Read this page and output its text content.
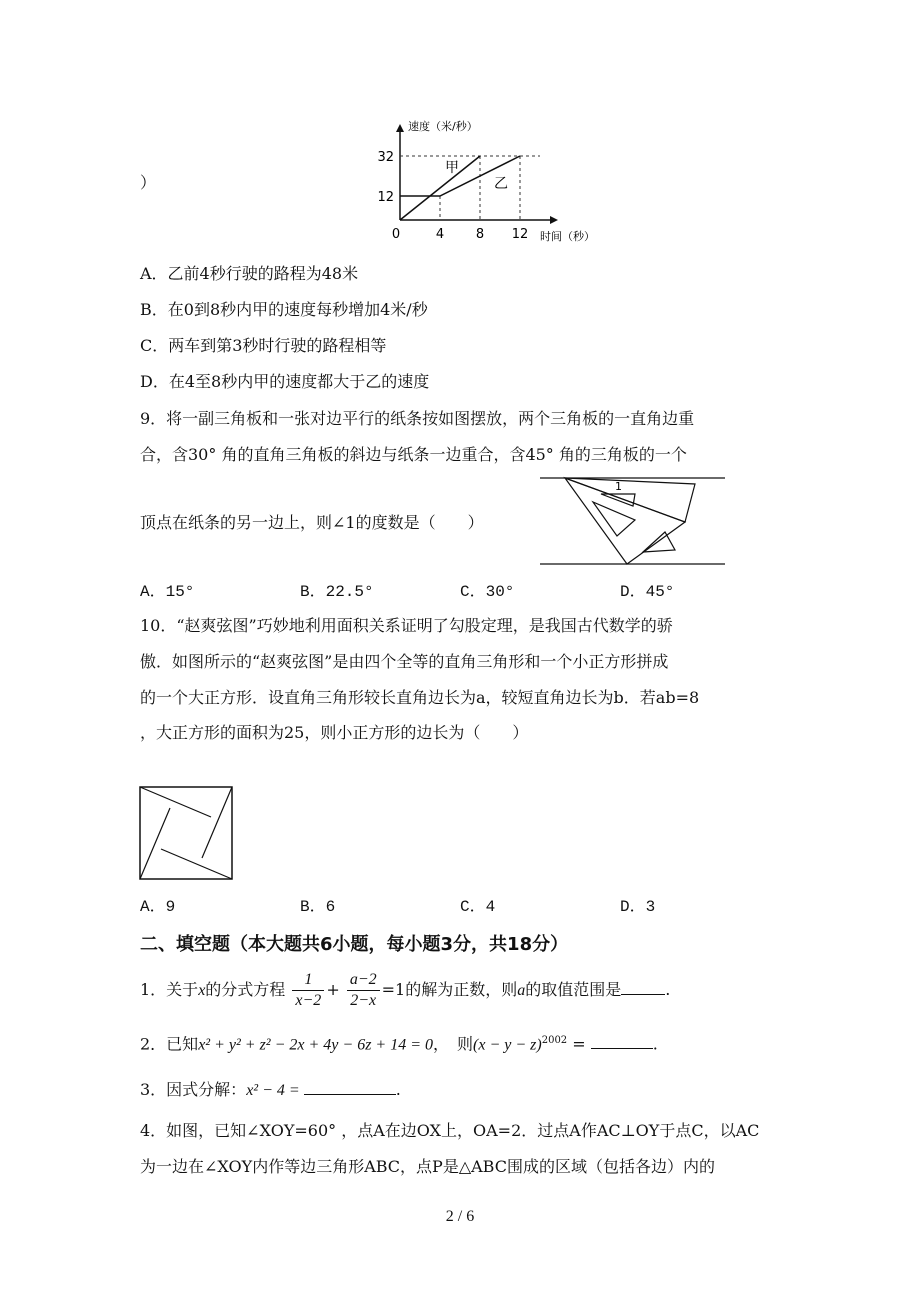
）
32
12
0	4 8 12
速度（米/秒）
时间（秒）
甲
乙
A．乙前4秒行驶的路程为48米
B．在0到8秒内甲的速度每秒增加4米/秒
C．两车到第3秒时行驶的路程相等
D．在4至8秒内甲的速度都大于乙的速度
9．将一副三角板和一张对边平行的纸条按如图摆放，两个三角板的一直角边重
合，含30° 角的直角三角板的斜边与纸条一边重合，含45° 角的三角板的一个
顶点在纸条的另一边上，则∠1的度数是（　　）
1
A．15°	B．22.5°	C．30°	D．45°
10．“赵爽弦图”巧妙地利用面积关系证明了勾股定理，是我国古代数学的骄
傲．如图所示的“赵爽弦图”是由四个全等的直角三角形和一个小正方形拼成
的一个大正方形．设直角三角形较长直角边长为a，较短直角边长为b．若ab=8
，大正方形的面积为25，则小正方形的边长为（　　）
A．9	B．6	C．4	D．3
二、填空题（本大题共6小题，每小题3分，共18分）
1．关于x的分式方程 $\frac{1}{x-2} + \frac{a-2}{2-x} =1$的解为正数，则a的取值范围是	.
2．已知x² + y² + z² − 2x + 4y − 6z + 14 = 0，　则$(x - y - z)^{2002}$ =	.
3．因式分解：x² − 4 =	.
4．如图，已知∠XOY=60° ，点A在边OX上，OA=2．过点A作AC⊥OY于点C，以AC
为一边在∠XOY内作等边三角形ABC，点P是△ABC围成的区域（包括各边）内的
2 / 6
